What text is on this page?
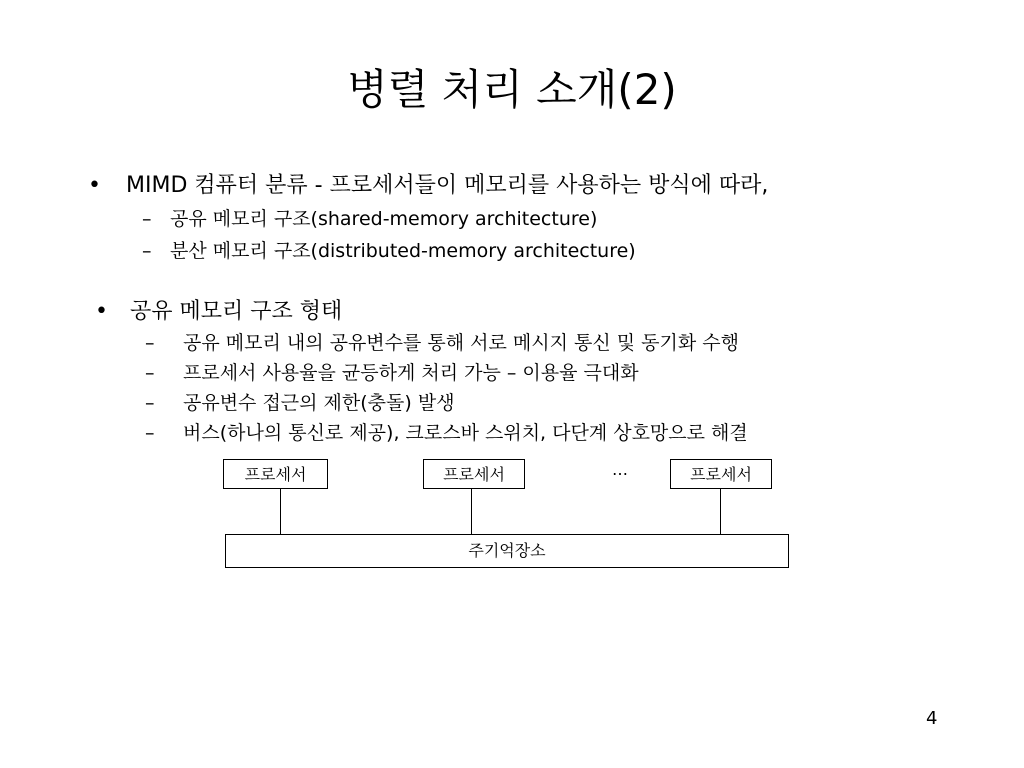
병렬 처리 소개(2)
• MIMD 컴퓨터 분류 - 프로세서들이 메모리를 사용하는 방식에 따라,
– 공유 메모리 구조(shared-memory architecture)
– 분산 메모리 구조(distributed-memory architecture)
• 공유 메모리 구조 형태
– 공유 메모리 내의 공유변수를 통해 서로 메시지 통신 및 동기화 수행
– 프로세서 사용율을 균등하게 처리 가능 – 이용율 극대화
– 공유변수 접근의 제한(충돌) 발생
– 버스(하나의 통신로 제공), 크로스바 스위치, 다단계 상호망으로 해결
프로세서	프로세서	…	프로세서
주기억장소
4
